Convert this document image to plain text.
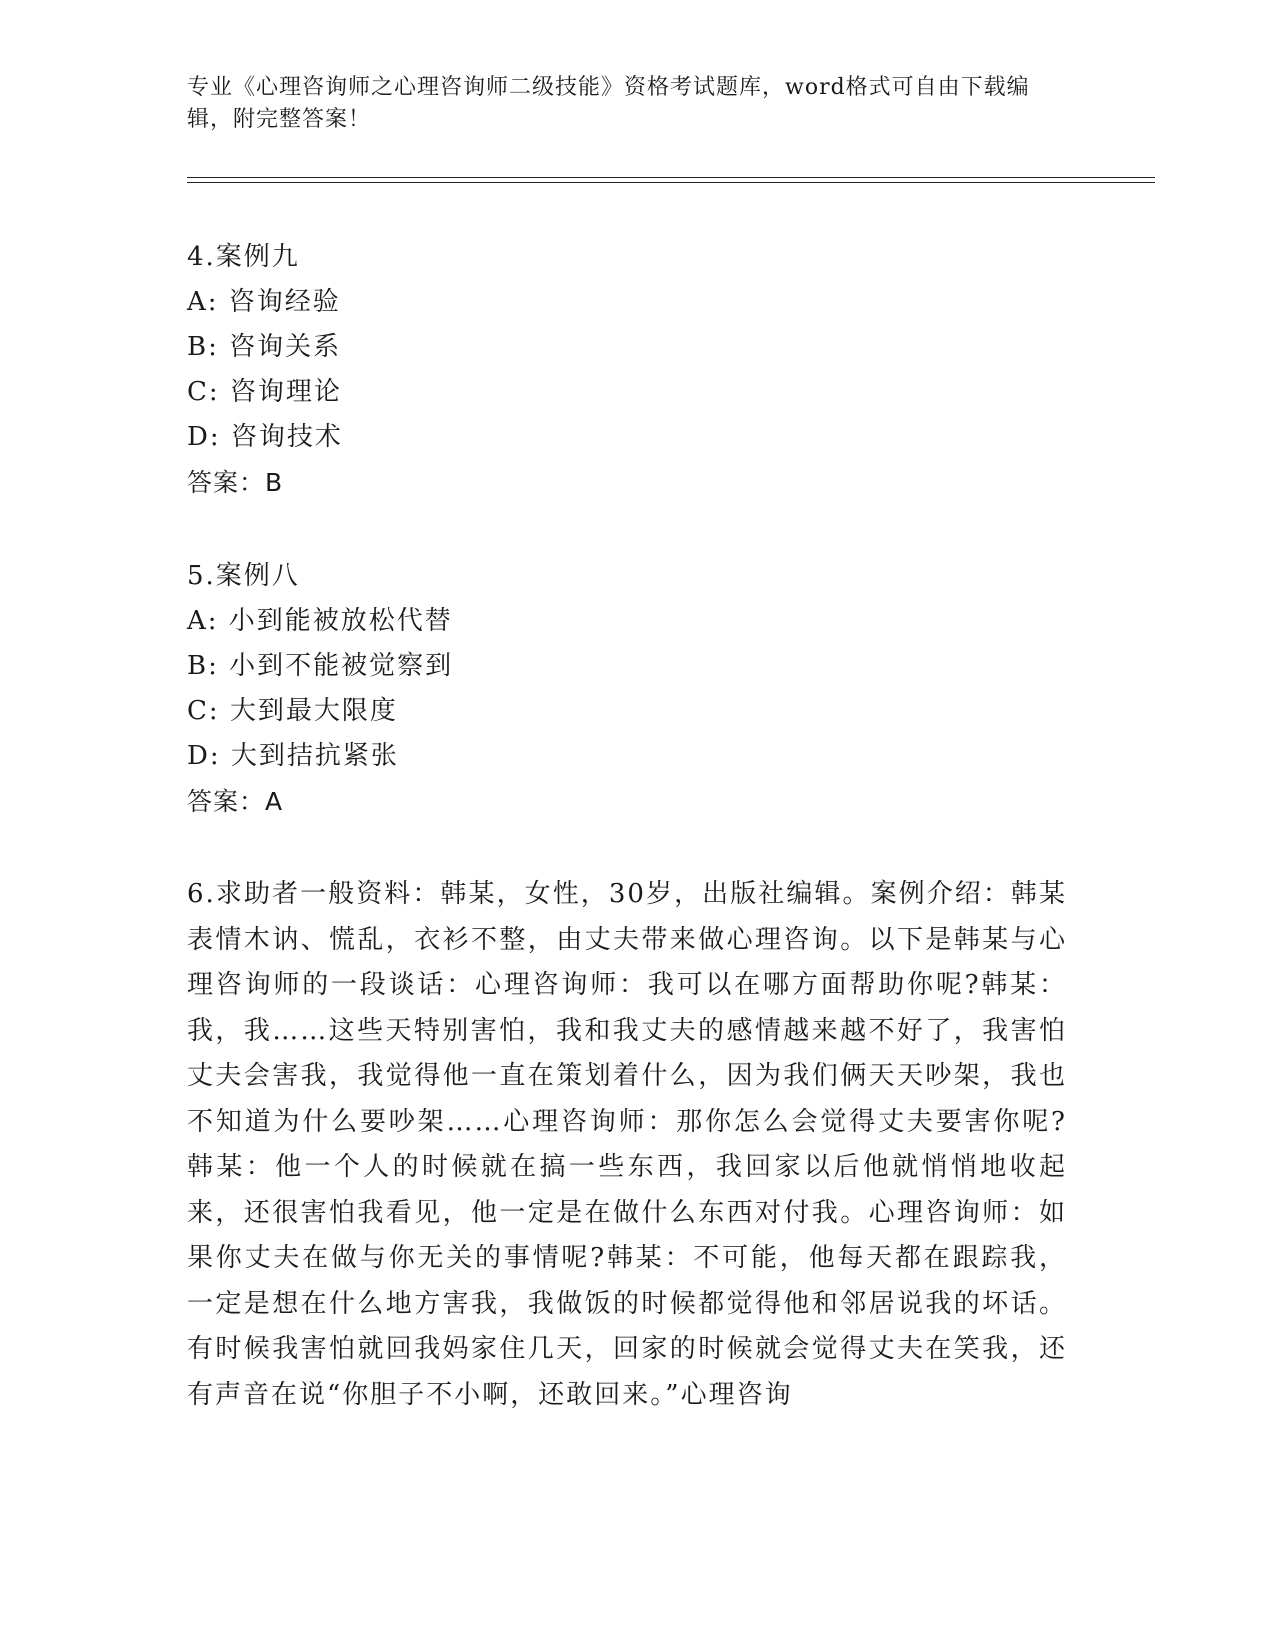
专业《心理咨询师之心理咨询师二级技能》资格考试题库，word格式可自由下载编辑，附完整答案！
4.案例九
A: 咨询经验
B: 咨询关系
C: 咨询理论
D: 咨询技术
答案：B
5.案例八
A: 小到能被放松代替
B: 小到不能被觉察到
C: 大到最大限度
D: 大到拮抗紧张
答案：A
6.求助者一般资料：韩某，女性，30岁，出版社编辑。案例介绍：韩某表情木讷、慌乱，衣衫不整，由丈夫带来做心理咨询。以下是韩某与心理咨询师的一段谈话：心理咨询师：我可以在哪方面帮助你呢?韩某：我，我……这些天特别害怕，我和我丈夫的感情越来越不好了，我害怕丈夫会害我，我觉得他一直在策划着什么，因为我们俩天天吵架，我也不知道为什么要吵架……心理咨询师：那你怎么会觉得丈夫要害你呢?韩某：他一个人的时候就在搞一些东西，我回家以后他就悄悄地收起来，还很害怕我看见，他一定是在做什么东西对付我。心理咨询师：如果你丈夫在做与你无关的事情呢?韩某：不可能，他每天都在跟踪我，一定是想在什么地方害我，我做饭的时候都觉得他和邻居说我的坏话。有时候我害怕就回我妈家住几天，回家的时候就会觉得丈夫在笑我，还有声音在说“你胆子不小啊，还敢回来。”心理咨询
